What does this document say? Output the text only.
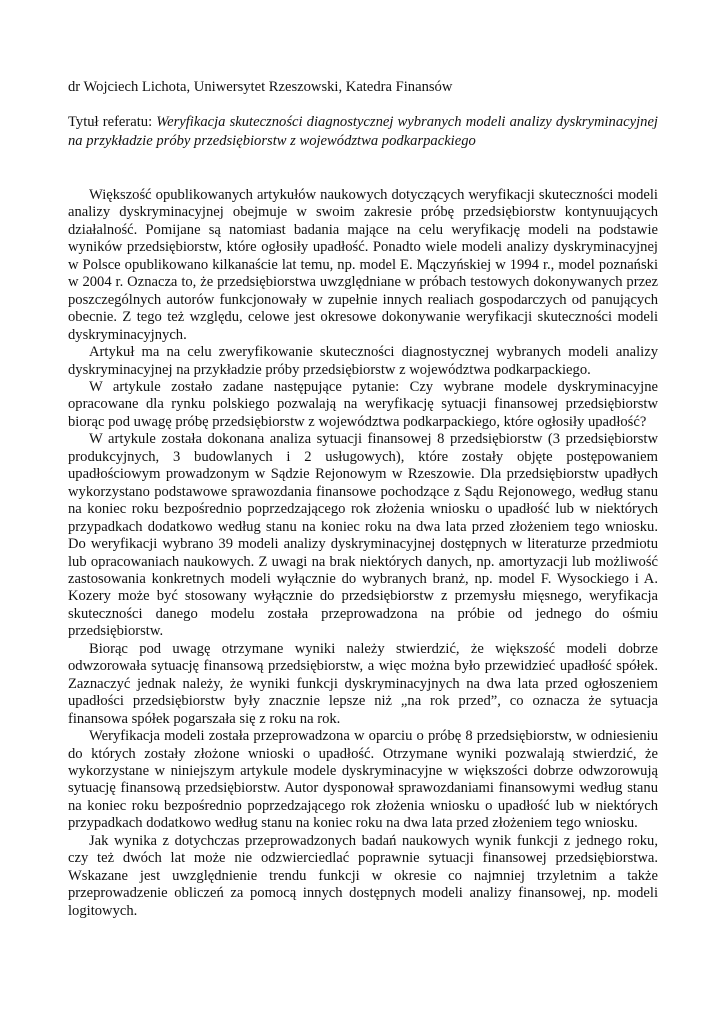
dr Wojciech Lichota, Uniwersytet Rzeszowski, Katedra Finansów

Tytuł referatu: Weryfikacja skuteczności diagnostycznej wybranych modeli analizy dyskryminacyjnej na przykładzie próby przedsiębiorstw z województwa podkarpackiego

Większość opublikowanych artykułów naukowych dotyczących weryfikacji skuteczności modeli analizy dyskryminacyjnej obejmuje w swoim zakresie próbę przedsiębiorstw kontynuujących działalność. Pomijane są natomiast badania mające na celu weryfikację modeli na podstawie wyników przedsiębiorstw, które ogłosiły upadłość. Ponadto wiele modeli analizy dyskryminacyjnej w Polsce opublikowano kilkanaście lat temu, np. model E. Mączyńskiej w 1994 r., model poznański w 2004 r. Oznacza to, że przedsiębiorstwa uwzględniane w próbach testowych dokonywanych przez poszczególnych autorów funkcjonowały w zupełnie innych realiach gospodarczych od panujących obecnie. Z tego też względu, celowe jest okresowe dokonywanie weryfikacji skuteczności modeli dyskryminacyjnych.

Artykuł ma na celu zweryfikowanie skuteczności diagnostycznej wybranych modeli analizy dyskryminacyjnej na przykładzie próby przedsiębiorstw z województwa podkarpackiego.

W artykule zostało zadane następujące pytanie: Czy wybrane modele dyskryminacyjne opracowane dla rynku polskiego pozwalają na weryfikację sytuacji finansowej przedsiębiorstw biorąc pod uwagę próbę przedsiębiorstw z województwa podkarpackiego, które ogłosiły upadłość?

W artykule została dokonana analiza sytuacji finansowej 8 przedsiębiorstw (3 przedsiębiorstw produkcyjnych, 3 budowlanych i 2 usługowych), które zostały objęte postępowaniem upadłościowym prowadzonym w Sądzie Rejonowym w Rzeszowie. Dla przedsiębiorstw upadłych wykorzystano podstawowe sprawozdania finansowe pochodzące z Sądu Rejonowego, według stanu na koniec roku bezpośrednio poprzedzającego rok złożenia wniosku o upadłość lub w niektórych przypadkach dodatkowo według stanu na koniec roku na dwa lata przed złożeniem tego wniosku. Do weryfikacji wybrano 39 modeli analizy dyskryminacyjnej dostępnych w literaturze przedmiotu lub opracowaniach naukowych. Z uwagi na brak niektórych danych, np. amortyzacji lub możliwość zastosowania konkretnych modeli wyłącznie do wybranych branż, np. model F. Wysockiego i A. Kozery może być stosowany wyłącznie do przedsiębiorstw z przemysłu mięsnego, weryfikacja skuteczności danego modelu została przeprowadzona na próbie od jednego do ośmiu przedsiębiorstw.

Biorąc pod uwagę otrzymane wyniki należy stwierdzić, że większość modeli dobrze odwzorowała sytuację finansową przedsiębiorstw, a więc można było przewidzieć upadłość spółek. Zaznaczyć jednak należy, że wyniki funkcji dyskryminacyjnych na dwa lata przed ogłoszeniem upadłości przedsiębiorstw były znacznie lepsze niż „na rok przed”, co oznacza że sytuacja finansowa spółek pogarszała się z roku na rok.

Weryfikacja modeli została przeprowadzona w oparciu o próbę 8 przedsiębiorstw, w odniesieniu do których zostały złożone wnioski o upadłość. Otrzymane wyniki pozwalają stwierdzić, że wykorzystane w niniejszym artykule modele dyskryminacyjne w większości dobrze odwzorowują sytuację finansową przedsiębiorstw. Autor dysponował sprawozdaniami finansowymi według stanu na koniec roku bezpośrednio poprzedzającego rok złożenia wniosku o upadłość lub w niektórych przypadkach dodatkowo według stanu na koniec roku na dwa lata przed złożeniem tego wniosku.

Jak wynika z dotychczas przeprowadzonych badań naukowych wynik funkcji z jednego roku, czy też dwóch lat może nie odzwierciedlać poprawnie sytuacji finansowej przedsiębiorstwa. Wskazane jest uwzględnienie trendu funkcji w okresie co najmniej trzyletnim a także przeprowadzenie obliczeń za pomocą innych dostępnych modeli analizy finansowej, np. modeli logitowych.
